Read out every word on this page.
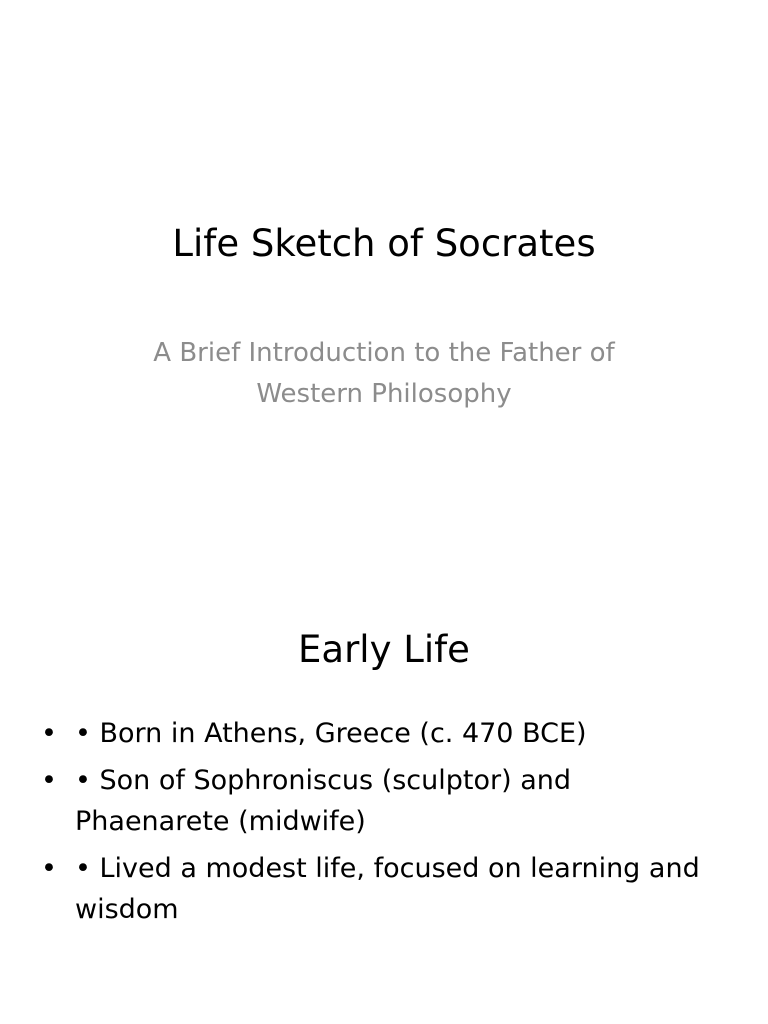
Life Sketch of Socrates

A Brief Introduction to the Father of Western Philosophy

Early Life
• • Born in Athens, Greece (c. 470 BCE)
• • Son of Sophroniscus (sculptor) and Phaenarete (midwife)
• • Lived a modest life, focused on learning and wisdom
